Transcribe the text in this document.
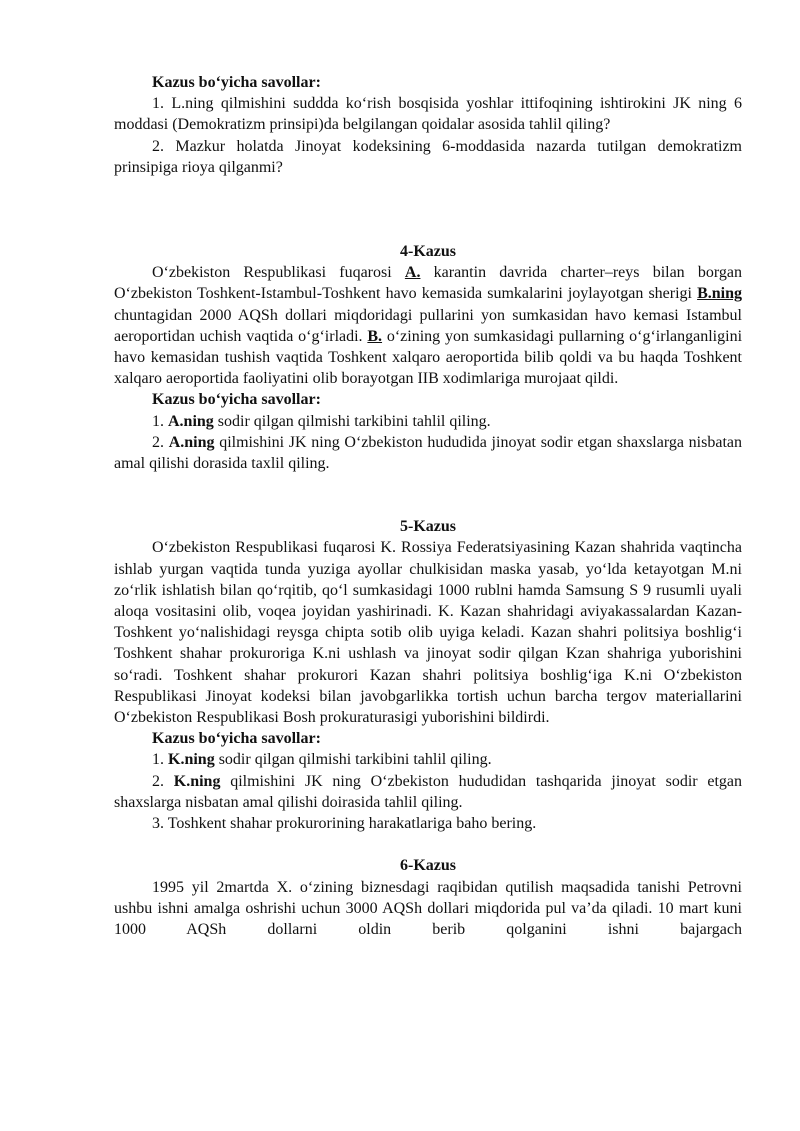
Kazus bo‘yicha savollar:

1. L.ning qilmishini suddda ko‘rish bosqisida yoshlar ittifoqining ishtirokini JK ning 6 moddasi (Demokratizm prinsipi)da belgilangan qoidalar asosida tahlil qiling?

2. Mazkur holatda Jinoyat kodeksining 6-moddasida nazarda tutilgan demokratizm prinsipiga rioya qilganmi?

4-Kazus

O‘zbekiston Respublikasi fuqarosi A. karantin davrida charter–reys bilan borgan O‘zbekiston Toshkent-Istambul-Toshkent havo kemasida sumkalarini joylayotgan sherigi B.ning chuntagidan 2000 AQSh dollari miqdoridagi pullarini yon sumkasidan havo kemasi Istambul aeroportidan uchish vaqtida o‘g‘irladi. B. o‘zining yon sumkasidagi pullarning o‘g‘irlanganligini havo kemasidan tushish vaqtida Toshkent xalqaro aeroportida bilib qoldi va bu haqda Toshkent xalqaro aeroportida faoliyatini olib borayotgan IIB xodimlariga murojaat qildi.

Kazus bo‘yicha savollar:

1. A.ning sodir qilgan qilmishi tarkibini tahlil qiling.

2. A.ning qilmishini JK ning O‘zbekiston hududida jinoyat sodir etgan shaxslarga nisbatan amal qilishi dorasida taxlil qiling.

5-Kazus

O‘zbekiston Respublikasi fuqarosi K. Rossiya Federatsiyasining Kazan shahrida vaqtincha ishlab yurgan vaqtida tunda yuziga ayollar chulkisidan maska yasab, yo‘lda ketayotgan M.ni zo‘rlik ishlatish bilan qo‘rqitib, qo‘l sumkasidagi 1000 rublni hamda Samsung S 9 rusumli uyali aloqa vositasini olib, voqea joyidan yashirinadi. K. Kazan shahridagi aviyakassalardan Kazan-Toshkent yo‘nalishidagi reysga chipta sotib olib uyiga keladi. Kazan shahri politsiya boshlig‘i Toshkent shahar prokuroriga K.ni ushlash va jinoyat sodir qilgan Kzan shahriga yuborishini so‘radi. Toshkent shahar prokurori Kazan shahri politsiya boshlig‘iga K.ni O‘zbekiston Respublikasi Jinoyat kodeksi bilan javobgarlikka tortish uchun barcha tergov materiallarini O‘zbekiston Respublikasi Bosh prokuraturasigi yuborishini bildirdi.

Kazus bo‘yicha savollar:

1. K.ning sodir qilgan qilmishi tarkibini tahlil qiling.

2. K.ning qilmishini JK ning O‘zbekiston hududidan tashqarida jinoyat sodir etgan shaxslarga nisbatan amal qilishi doirasida tahlil qiling.

3. Toshkent shahar prokurorining harakatlariga baho bering.

6-Kazus

1995 yil 2martda X. o‘zining biznesdagi raqibidan qutilish maqsadida tanishi Petrovni ushbu ishni amalga oshrishi uchun 3000 AQSh dollari miqdorida pul va’da qiladi. 10 mart kuni 1000 AQSh dollarni oldin berib qolganini ishni bajargach
